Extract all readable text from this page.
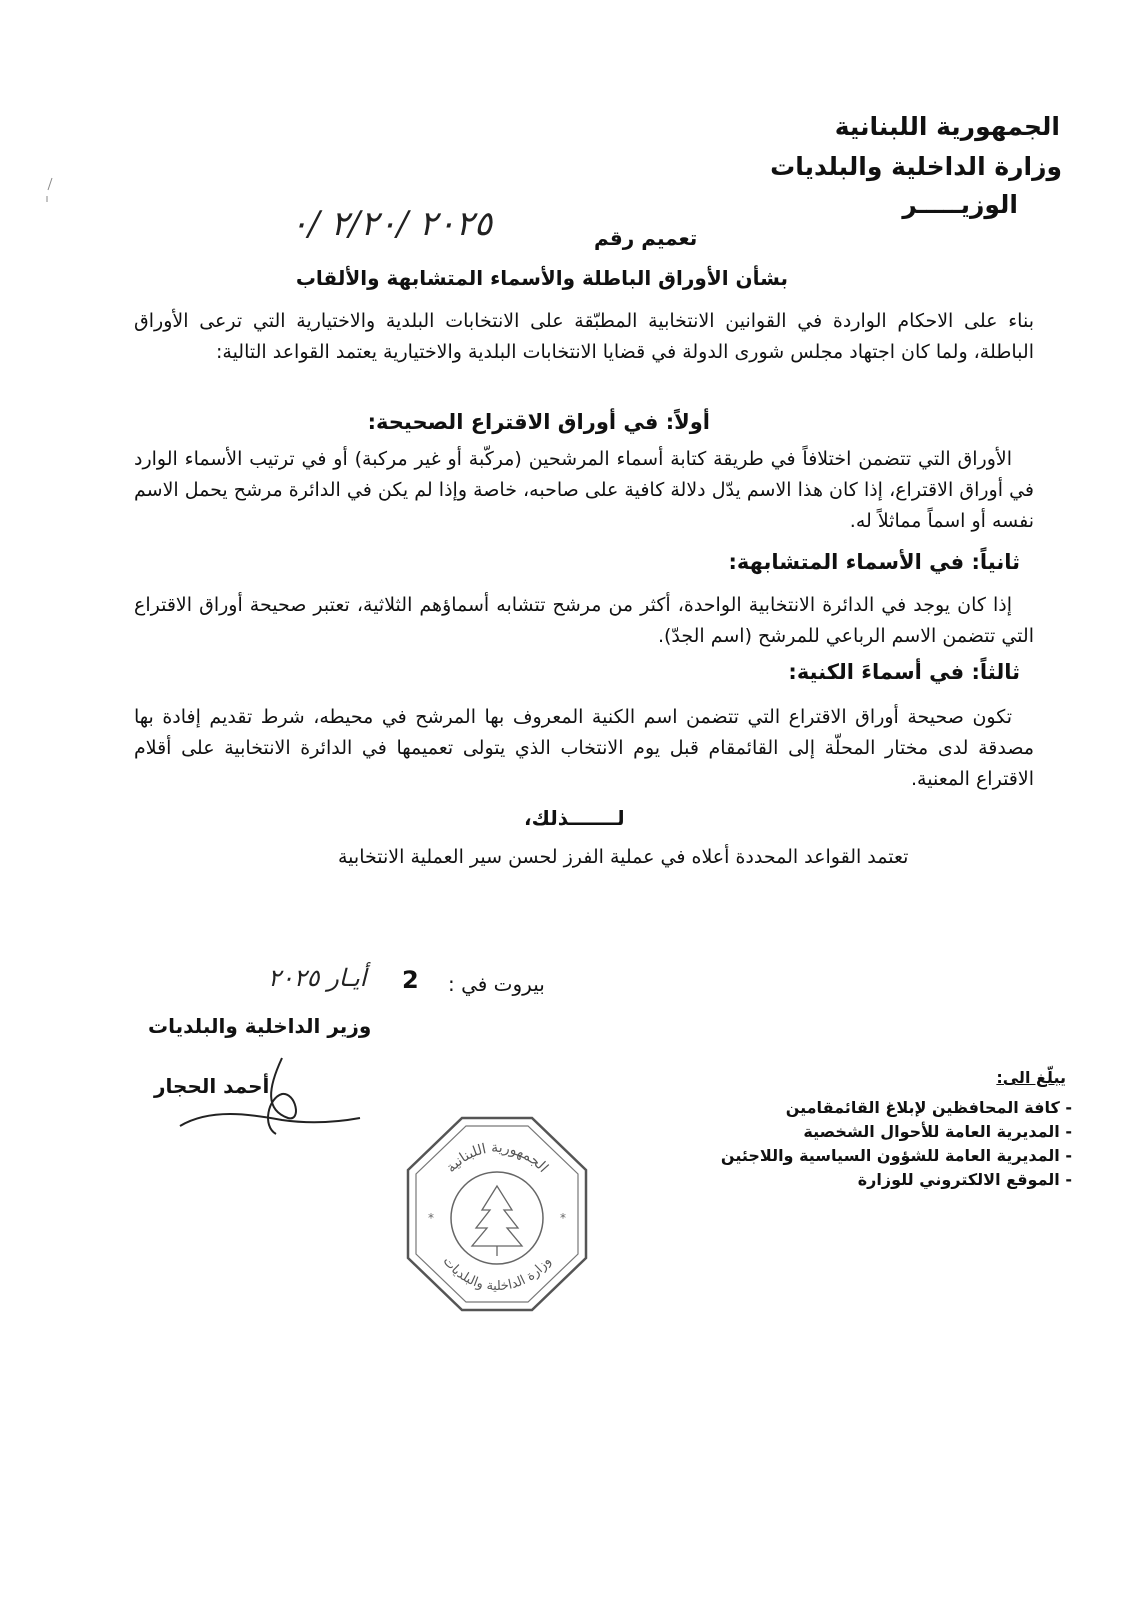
الجمهورية اللبنانية
وزارة الداخلية والبلديات
الوزيـــــر
تعميم رقم
٢٠٢٥ /٢/٢٠ /٠
بشأن الأوراق الباطلة والأسماء المتشابهة والألقاب
بناء على الاحكام الواردة في القوانين الانتخابية المطبّقة على الانتخابات البلدية والاختيارية التي ترعى الأوراق الباطلة، ولما كان اجتهاد مجلس شورى الدولة في قضايا الانتخابات البلدية والاختيارية يعتمد القواعد التالية:
أولاً: في أوراق الاقتراع الصحيحة:
الأوراق التي تتضمن اختلافاً في طريقة كتابة أسماء المرشحين (مركّبة أو غير مركبة) أو في ترتيب الأسماء الوارد في أوراق الاقتراع، إذا كان هذا الاسم يدّل دلالة كافية على صاحبه، خاصة وإذا لم يكن في الدائرة مرشح يحمل الاسم نفسه أو اسماً مماثلاً له.
ثانياً: في الأسماء المتشابهة:
إذا كان يوجد في الدائرة الانتخابية الواحدة، أكثر من مرشح تتشابه أسماؤهم الثلاثية، تعتبر صحيحة أوراق الاقتراع التي تتضمن الاسم الرباعي للمرشح (اسم الجدّ).
ثالثاً: في أسماءَ الكنية:
تكون صحيحة أوراق الاقتراع التي تتضمن اسم الكنية المعروف بها المرشح في محيطه، شرط تقديم إفادة بها مصدقة لدى مختار المحلّة إلى القائمقام قبل يوم الانتخاب الذي يتولى تعميمها في الدائرة الانتخابية على أقلام الاقتراع المعنية.
لـــــــذلك،
تعتمد القواعد المحددة أعلاه في عملية الفرز لحسن سير العملية الانتخابية
بيروت في :
2
أيـار ٢٠٢٥
وزير الداخلية والبلديات
أحمد الحجار	يبلّغ الى:
- كافة المحافظين لإبلاغ القائمقامين
- المديرية العامة للأحوال الشخصية
- المديرية العامة للشؤون السياسية واللاجئين
- الموقع الالكتروني للوزارة
الجمهورية اللبنانية
وزارة الداخلية والبلديات
*	*
